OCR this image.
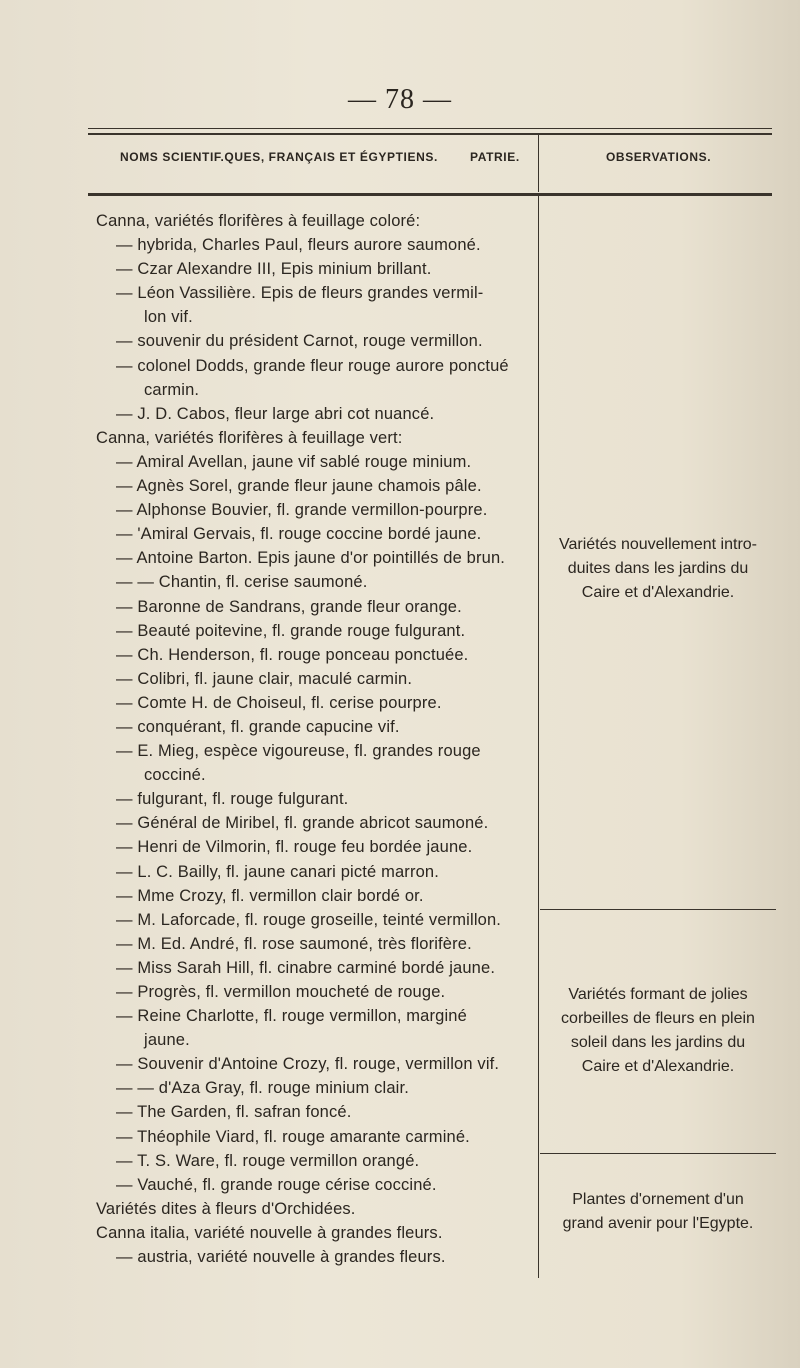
— 78 —
NOMS SCIENTIF.QUES, FRANÇAIS ET ÉGYPTIENS.	PATRIE.	OBSERVATIONS.
Canna, variétés florifères à feuillage coloré:
— hybrida, Charles Paul, fleurs aurore saumoné.
— Czar Alexandre III, Epis minium brillant.
— Léon Vassilière. Epis de fleurs grandes vermil-
lon vif.
— souvenir du président Carnot, rouge vermillon.
— colonel Dodds, grande fleur rouge aurore ponctué
carmin.
— J. D. Cabos, fleur large abri cot nuancé.
Canna, variétés florifères à feuillage vert:
— Amiral Avellan, jaune vif sablé rouge minium.
— Agnès Sorel, grande fleur jaune chamois pâle.
— Alphonse Bouvier, fl. grande vermillon-pourpre.
— 'Amiral Gervais, fl. rouge coccine bordé jaune.
— Antoine Barton. Epis jaune d'or pointillés de brun.
— — Chantin, fl. cerise saumoné.
— Baronne de Sandrans, grande fleur orange.
— Beauté poitevine, fl. grande rouge fulgurant.
— Ch. Henderson, fl. rouge ponceau ponctuée.
— Colibri, fl. jaune clair, maculé carmin.
— Comte H. de Choiseul, fl. cerise pourpre.
— conquérant, fl. grande capucine vif.
— E. Mieg, espèce vigoureuse, fl. grandes rouge
cocciné.
— fulgurant, fl. rouge fulgurant.
— Général de Miribel, fl. grande abricot saumoné.
— Henri de Vilmorin, fl. rouge feu bordée jaune.
— L. C. Bailly, fl. jaune canari picté marron.
— Mme Crozy, fl. vermillon clair bordé or.
— M. Laforcade, fl. rouge groseille, teinté vermillon.
— M. Ed. André, fl. rose saumoné, très florifère.
— Miss Sarah Hill, fl. cinabre carminé bordé jaune.
— Progrès, fl. vermillon moucheté de rouge.
— Reine Charlotte, fl. rouge vermillon, marginé
jaune.
— Souvenir d'Antoine Crozy, fl. rouge, vermillon vif.
— — d'Aza Gray, fl. rouge minium clair.
— The Garden, fl. safran foncé.
— Théophile Viard, fl. rouge amarante carminé.
— T. S. Ware, fl. rouge vermillon orangé.
— Vauché, fl. grande rouge cérise cocciné.
Variétés dites à fleurs d'Orchidées.
Canna italia, variété nouvelle à grandes fleurs.
— austria, variété nouvelle à grandes fleurs.
Variétés nouvellement intro-
duites dans les jardins du
Caire et d'Alexandrie.
Variétés formant de jolies
corbeilles de fleurs en plein
soleil dans les jardins du
Caire et d'Alexandrie.
Plantes d'ornement d'un
grand avenir pour l'Egypte.
